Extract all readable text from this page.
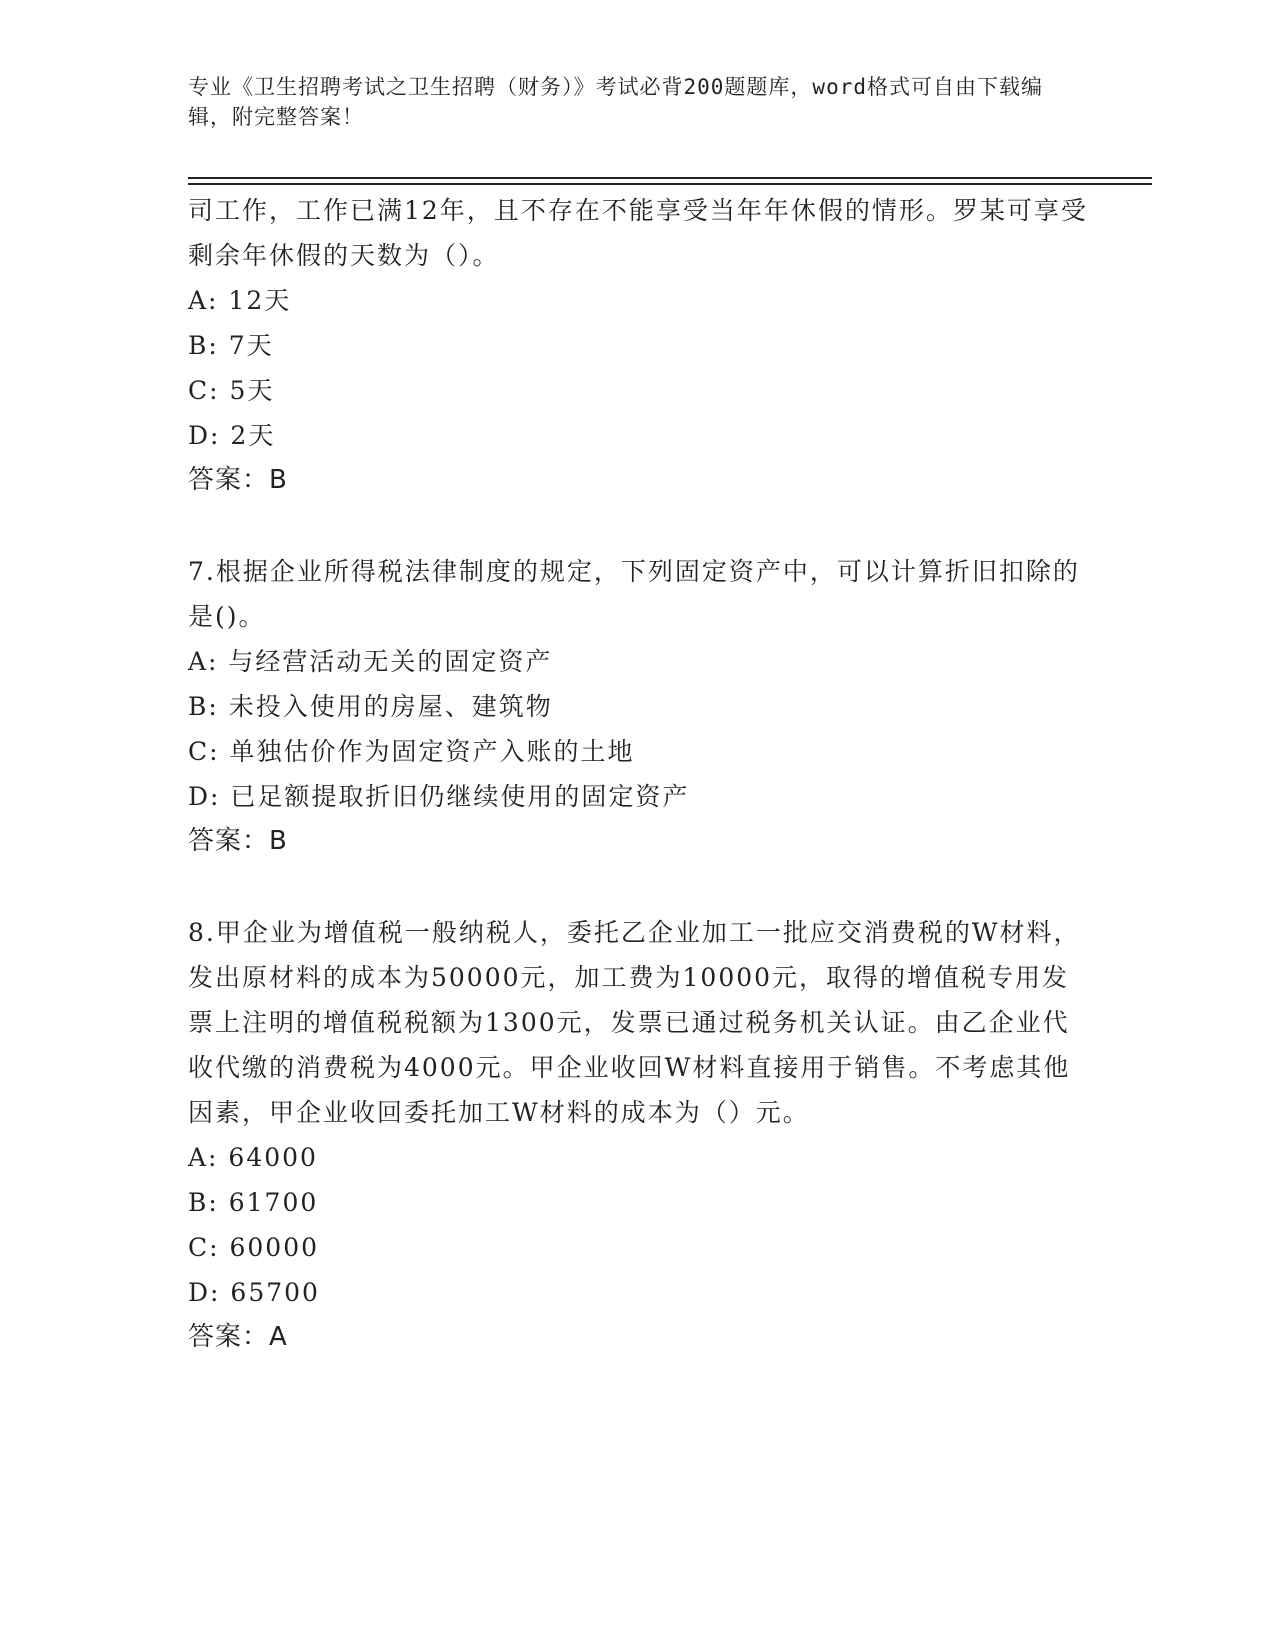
专业《卫生招聘考试之卫生招聘（财务）》考试必背200题题库，word格式可自由下载编辑，附完整答案！

司工作，工作已满12年，且不存在不能享受当年年休假的情形。罗某可享受剩余年休假的天数为（）。

A: 12天

B: 7天

C: 5天

D: 2天

答案：B

7.根据企业所得税法律制度的规定，下列固定资产中，可以计算折旧扣除的是()。

A: 与经营活动无关的固定资产

B: 未投入使用的房屋、建筑物

C: 单独估价作为固定资产入账的土地

D: 已足额提取折旧仍继续使用的固定资产

答案：B

8.甲企业为增值税一般纳税人，委托乙企业加工一批应交消费税的W材料，发出原材料的成本为50000元，加工费为10000元，取得的增值税专用发票上注明的增值税税额为1300元，发票已通过税务机关认证。由乙企业代收代缴的消费税为4000元。甲企业收回W材料直接用于销售。不考虑其他因素，甲企业收回委托加工W材料的成本为（）元。

A: 64000

B: 61700

C: 60000

D: 65700

答案：A
